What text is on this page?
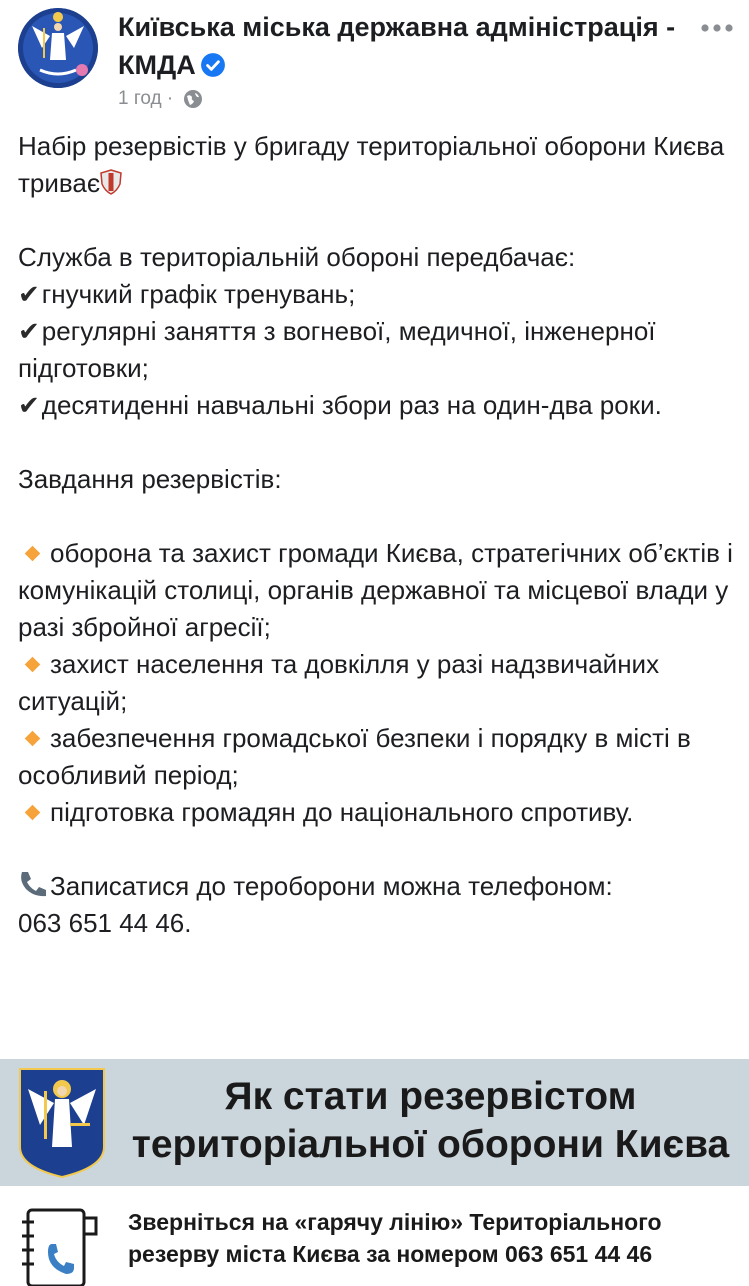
Київська міська державна адміністрація - КМДА
1 год ·

Набір резервістів у бригаду територіальної оборони Києва триває

Служба в територіальній обороні передбачає:

✔гнучкий графік тренувань;

✔регулярні заняття з вогневої, медичної, інженерної підготовки;

✔десятиденні навчальні збори раз на один-два роки.

Завдання резервістів:

оборона та захист громади Києва, стратегічних об’єктів і комунікацій столиці, органів державної та місцевої влади у разі збройної агресії;

захист населення та довкілля у разі надзвичайних ситуацій;

забезпечення громадської безпеки і порядку в місті в особливий період;

підготовка громадян до національного спротиву.

Записатися до тероборони можна телефоном:

063 651 44 46.

Як стати резервістом
територіальної оборони Києва
Зверніться на «гарячу лінію» Територіального
резерву міста Києва за номером 063 651 44 46
